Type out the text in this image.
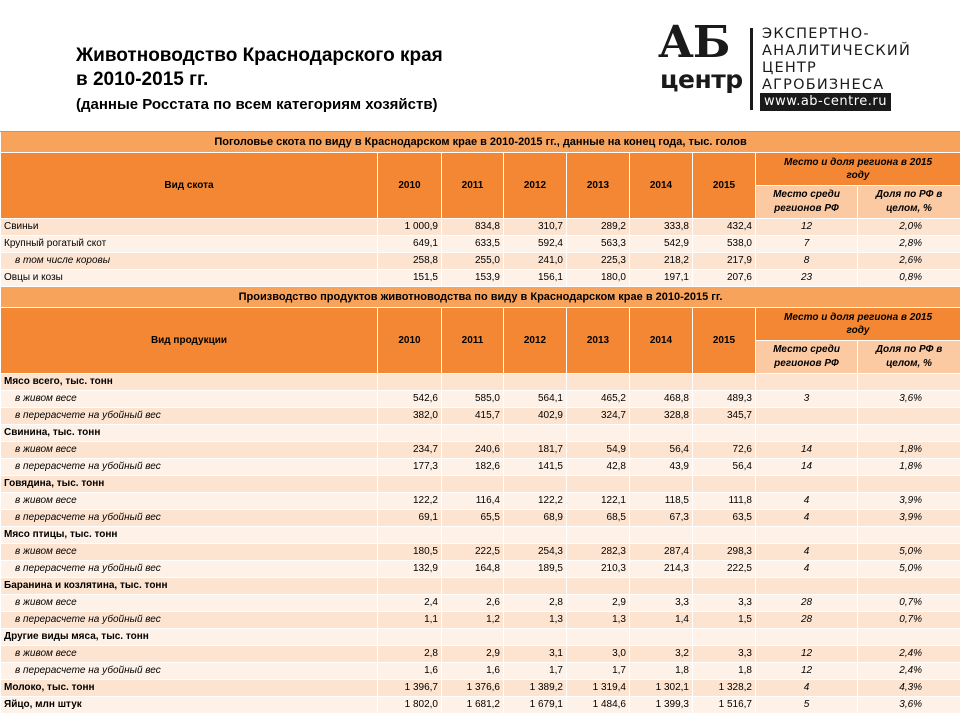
Животноводство Краснодарского края
в 2010-2015 гг.
(данные Росстата по всем категориям хозяйств)
АБ
центр
ЭКСПЕРТНО-
АНАЛИТИЧЕСКИЙ
ЦЕНТР
АГРОБИЗНЕСА
www.ab-centre.ru
Поголовье скота по виду в Краснодарском крае в 2010-2015 гг., данные на конец года, тыс. голов								
Вид скота	2010	2011	2012	2013	2014	2015	Место и доля региона в 2015 году	
							Место среди регионов РФ	Доля по РФ в целом, %
Свиньи	1 000,9	834,8	310,7	289,2	333,8	432,4	12	2,0%
Крупный рогатый скот	649,1	633,5	592,4	563,3	542,9	538,0	7	2,8%
в том числе коровы	258,8	255,0	241,0	225,3	218,2	217,9	8	2,6%
Овцы и козы	151,5	153,9	156,1	180,0	197,1	207,6	23	0,8%
Производство продуктов животноводства по виду в Краснодарском крае в 2010-2015 гг.								
Вид продукции	2010	2011	2012	2013	2014	2015	Место и доля региона в 2015 году	
							Место среди регионов РФ	Доля по РФ в целом, %
Мясо всего, тыс. тонн								
в живом весе	542,6	585,0	564,1	465,2	468,8	489,3	3	3,6%
в перерасчете на убойный вес	382,0	415,7	402,9	324,7	328,8	345,7		
Свинина, тыс. тонн								
в живом весе	234,7	240,6	181,7	54,9	56,4	72,6	14	1,8%
в перерасчете на убойный вес	177,3	182,6	141,5	42,8	43,9	56,4	14	1,8%
Говядина, тыс. тонн								
в живом весе	122,2	116,4	122,2	122,1	118,5	111,8	4	3,9%
в перерасчете на убойный вес	69,1	65,5	68,9	68,5	67,3	63,5	4	3,9%
Мясо птицы, тыс. тонн								
в живом весе	180,5	222,5	254,3	282,3	287,4	298,3	4	5,0%
в перерасчете на убойный вес	132,9	164,8	189,5	210,3	214,3	222,5	4	5,0%
Баранина и козлятина, тыс. тонн								
в живом весе	2,4	2,6	2,8	2,9	3,3	3,3	28	0,7%
в перерасчете на убойный вес	1,1	1,2	1,3	1,3	1,4	1,5	28	0,7%
Другие виды мяса, тыс. тонн								
в живом весе	2,8	2,9	3,1	3,0	3,2	3,3	12	2,4%
в перерасчете на убойный вес	1,6	1,6	1,7	1,7	1,8	1,8	12	2,4%
Молоко, тыс. тонн	1 396,7	1 376,6	1 389,2	1 319,4	1 302,1	1 328,2	4	4,3%
Яйцо, млн штук	1 802,0	1 681,2	1 679,1	1 484,6	1 399,3	1 516,7	5	3,6%
